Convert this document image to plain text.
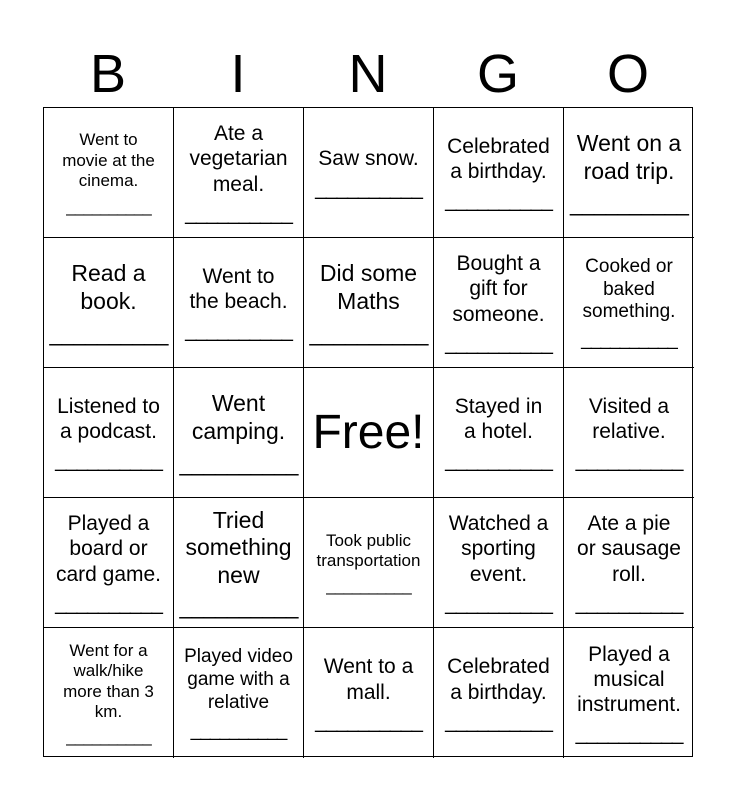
B	I	N	G	O
Went to
movie at the
cinema.
__________
Ate a
vegetarian
meal.
__________
Saw snow.
__________
Celebrated
a birthday.
__________
Went on a
road trip.
__________
Read a
book.
__________
Went to
the beach.
__________
Did some
Maths
__________
Bought a
gift for
someone.
__________
Cooked or
baked
something.
__________
Listened to
a podcast.
__________
Went
camping.
__________
Free! Stayed in
a hotel.
__________
Visited a
relative.
__________
Played a
board or
card game.
__________
Tried
something
new
__________
Took public
transportation
__________
Watched a
sporting
event.
__________
Ate a pie
or sausage
roll.
__________
Went for a
walk/hike
more than 3
km.
__________
Played video
game with a
relative
__________
Went to a
mall.
__________
Celebrated
a birthday.
__________
Played a
musical
instrument.
__________
